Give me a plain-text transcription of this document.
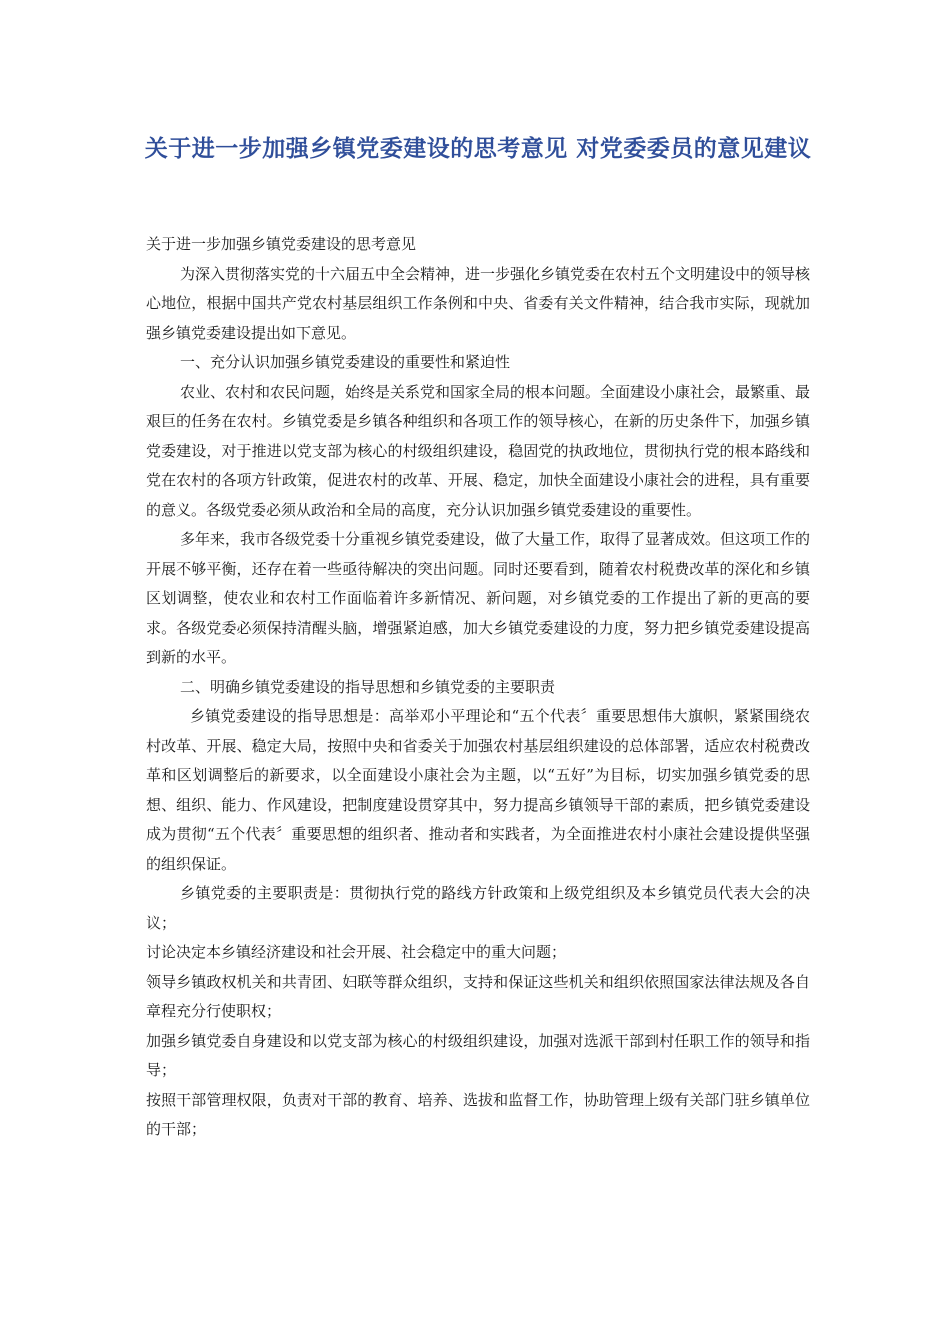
关于进一步加强乡镇党委建设的思考意见 对党委委员的意见建议

关于进一步加强乡镇党委建设的思考意见

为深入贯彻落实党的十六届五中全会精神，进一步强化乡镇党委在农村五个文明建设中的领导核心地位，根据中国共产党农村基层组织工作条例和中央、省委有关文件精神，结合我市实际，现就加强乡镇党委建设提出如下意见。

一、充分认识加强乡镇党委建设的重要性和紧迫性

农业、农村和农民问题，始终是关系党和国家全局的根本问题。全面建设小康社会，最繁重、最艰巨的任务在农村。乡镇党委是乡镇各种组织和各项工作的领导核心，在新的历史条件下，加强乡镇党委建设，对于推进以党支部为核心的村级组织建设，稳固党的执政地位，贯彻执行党的根本路线和党在农村的各项方针政策，促进农村的改革、开展、稳定，加快全面建设小康社会的进程，具有重要的意义。各级党委必须从政治和全局的高度，充分认识加强乡镇党委建设的重要性。

多年来，我市各级党委十分重视乡镇党委建设，做了大量工作，取得了显著成效。但这项工作的开展不够平衡，还存在着一些亟待解决的突出问题。同时还要看到，随着农村税费改革的深化和乡镇区划调整，使农业和农村工作面临着许多新情况、新问题，对乡镇党委的工作提出了新的更高的要求。各级党委必须保持清醒头脑，增强紧迫感，加大乡镇党委建设的力度，努力把乡镇党委建设提高到新的水平。

二、明确乡镇党委建设的指导思想和乡镇党委的主要职责

乡镇党委建设的指导思想是：高举邓小平理论和“五个代表〞重要思想伟大旗帜，紧紧围绕农村改革、开展、稳定大局，按照中央和省委关于加强农村基层组织建设的总体部署，适应农村税费改革和区划调整后的新要求，以全面建设小康社会为主题，以“五好”为目标，切实加强乡镇党委的思想、组织、能力、作风建设，把制度建设贯穿其中，努力提高乡镇领导干部的素质，把乡镇党委建设成为贯彻“五个代表〞重要思想的组织者、推动者和实践者，为全面推进农村小康社会建设提供坚强的组织保证。

乡镇党委的主要职责是：贯彻执行党的路线方针政策和上级党组织及本乡镇党员代表大会的决议；

讨论决定本乡镇经济建设和社会开展、社会稳定中的重大问题；

领导乡镇政权机关和共青团、妇联等群众组织，支持和保证这些机关和组织依照国家法律法规及各自章程充分行使职权；

加强乡镇党委自身建设和以党支部为核心的村级组织建设，加强对选派干部到村任职工作的领导和指导；

按照干部管理权限，负责对干部的教育、培养、选拔和监督工作，协助管理上级有关部门驻乡镇单位的干部；
